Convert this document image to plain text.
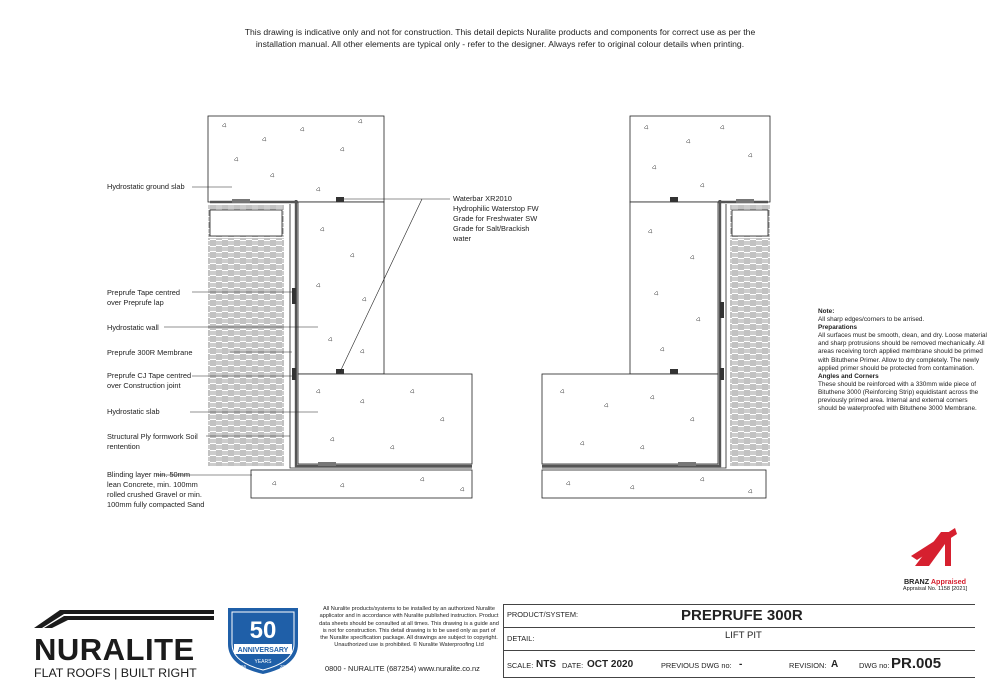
This drawing is indicative only and not for construction. This detail depicts Nuralite products and components for correct use as per the
installation manual. All other elements are typical only - refer to the designer. Always refer to original colour details when printing.
Hydrostatic ground slab
Waterbar XR2010
Hydrophilic Waterstop FW
Grade for Freshwater SW
Grade for Salt/Brackish
water
Preprufe Tape centred
over Preprufe lap
Hydrostatic wall
Preprufe 300R Membrane
Preprufe CJ Tape centred
over Construction joint
Hydrostatic slab
Structural Ply formwork Soil
rentention
Blinding layer min. 50mm
lean Concrete, min. 100mm
rolled crushed Gravel or min.
100mm fully compacted Sand
Note:

All sharp edges/corners to be arrised.

Preparations

All surfaces must be smooth, clean, and dry. Loose material and sharp protrusions should be removed mechanically. All areas receiving torch applied membrane should be primed with Bituthene Primer. Allow to dry completely. The newly applied primer should be protected from contamination.

Angles and Corners

These should be reinforced with a 330mm wide piece of Bituthene 3000 (Reinforcing Strip) equidistant across the previously primed area. Internal and external corners should be waterproofed with Bituthene 3000 Membrane.

BRANZ Appraised
Appraisal No. 1158 [2021]
NURALITE
FLAT ROOFS | BUILT RIGHT
50
ANNIVERSARY
YEARS
1966	2016
All Nuralite products/systems to be installed by an authorized Nuralite applicator and in accordance with Nuralite published instruction. Product data sheets should be consulted at all times. This drawing is a guide and is not for construction. This detail drawing is to be used only as part of the Nuralite specification package. All drawings are subject to copyright. Unauthorized use is prohibited. © Nuralite Waterproofing Ltd
0800 - NURALITE (687254) www.nuralite.co.nz
PRODUCT/SYSTEM:	PREPRUFE 300R
DETAIL:	LIFT PIT
SCALE: NTS DATE: OCT 2020	PREVIOUS DWG no: -	REVISION: A	DWG no: PR.005
